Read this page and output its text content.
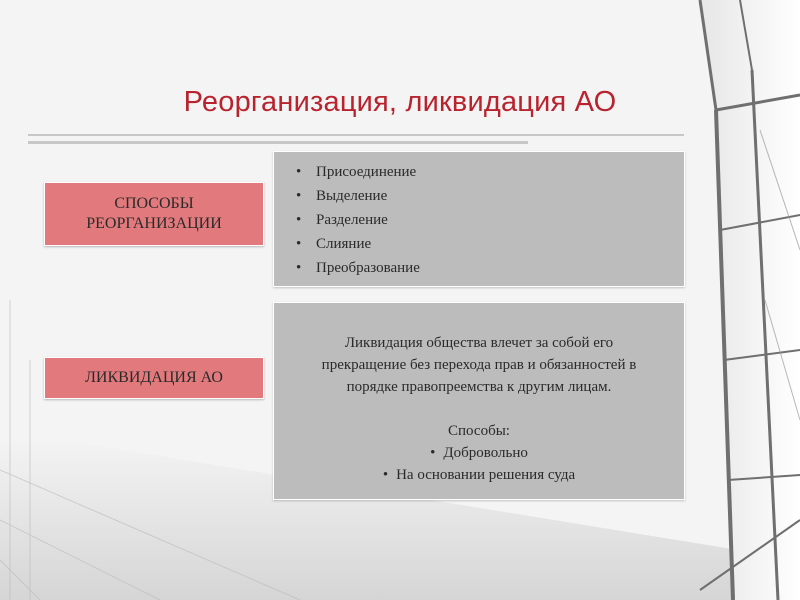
Реорганизация, ликвидация АО
СПОСОБЫ
РЕОРГАНИЗАЦИИ
• Присоединение
• Выделение
• Разделение
• Слияние
• Преобразование
ЛИКВИДАЦИЯ АО
Ликвидация общества влечет за собой его
прекращение без перехода прав и обязанностей в
порядке правопреемства к другим лицам.
Способы:
• Добровольно
• На основании решения суда
